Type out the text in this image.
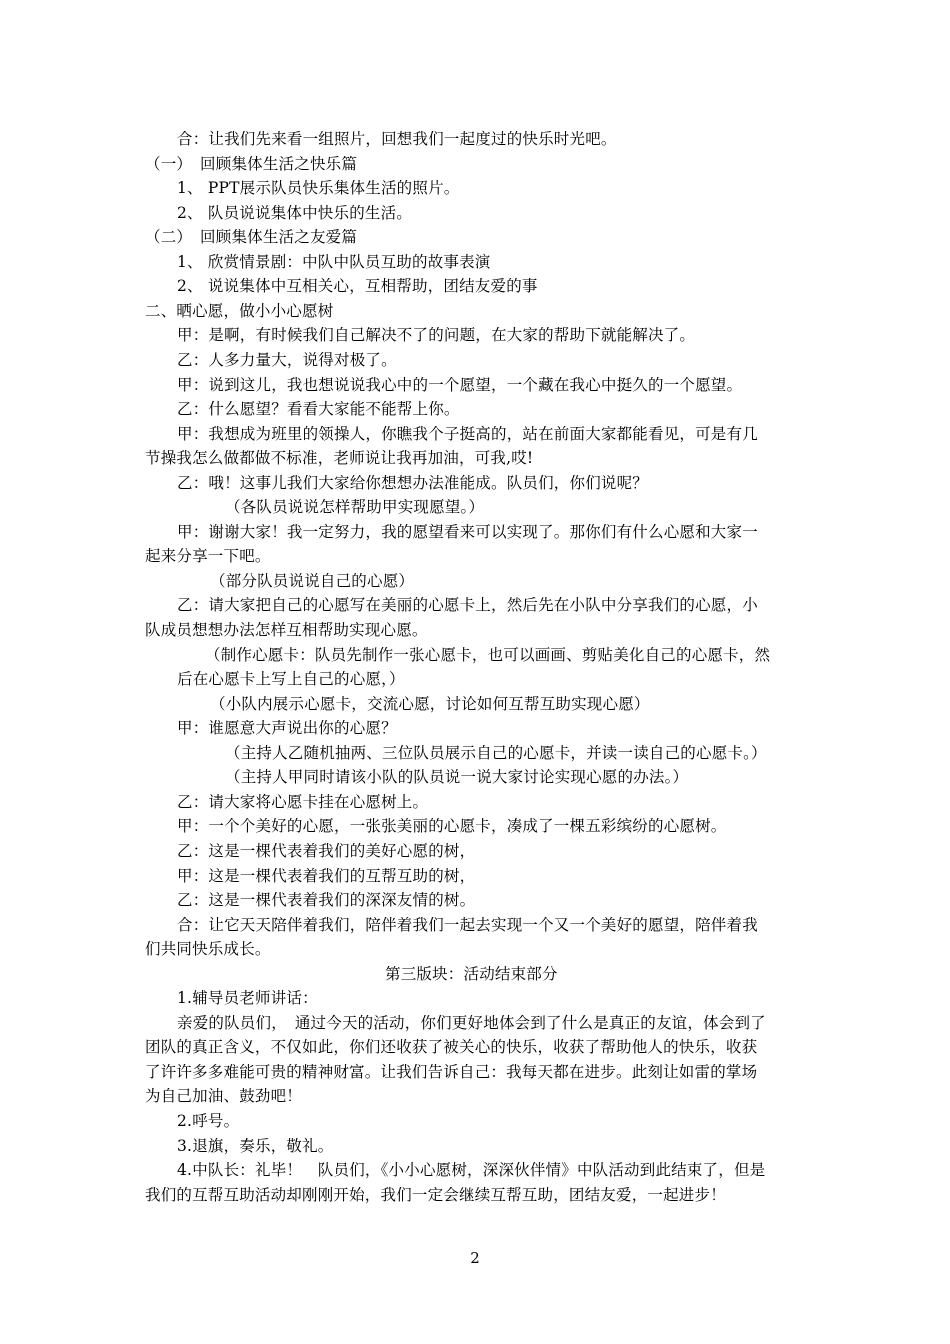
合：让我们先来看一组照片，回想我们一起度过的快乐时光吧。
（一）　回顾集体生活之快乐篇
1、 PPT展示队员快乐集体生活的照片。
2、 队员说说集体中快乐的生活。
（二）　回顾集体生活之友爱篇
1、 欣赏情景剧：中队中队员互助的故事表演
2、 说说集体中互相关心，互相帮助，团结友爱的事
二、晒心愿，做小小心愿树
甲：是啊，有时候我们自己解决不了的问题，在大家的帮助下就能解决了。
乙：人多力量大，说得对极了。
甲：说到这儿，我也想说说我心中的一个愿望，一个藏在我心中挺久的一个愿望。
乙：什么愿望？看看大家能不能帮上你。
甲：我想成为班里的领操人，你瞧我个子挺高的，站在前面大家都能看见，可是有几
节操我怎么做都做不标准，老师说让我再加油，可我,哎!
乙：哦！这事儿我们大家给你想想办法准能成。队员们，你们说呢？
（各队员说说怎样帮助甲实现愿望。）
甲：谢谢大家！我一定努力，我的愿望看来可以实现了。那你们有什么心愿和大家一
起来分享一下吧。
（部分队员说说自己的心愿）
乙：请大家把自己的心愿写在美丽的心愿卡上，然后先在小队中分享我们的心愿，小
队成员想想办法怎样互相帮助实现心愿。
（制作心愿卡：队员先制作一张心愿卡，也可以画画、剪贴美化自己的心愿卡，然
后在心愿卡上写上自己的心愿，）
（小队内展示心愿卡，交流心愿，讨论如何互帮互助实现心愿）
甲：谁愿意大声说出你的心愿？
（主持人乙随机抽两、三位队员展示自己的心愿卡，并读一读自己的心愿卡。）
（主持人甲同时请该小队的队员说一说大家讨论实现心愿的办法。）
乙：请大家将心愿卡挂在心愿树上。
甲：一个个美好的心愿，一张张美丽的心愿卡，凑成了一棵五彩缤纷的心愿树。
乙：这是一棵代表着我们的美好心愿的树，
甲：这是一棵代表着我们的互帮互助的树，
乙：这是一棵代表着我们的深深友情的树。
合：让它天天陪伴着我们，陪伴着我们一起去实现一个又一个美好的愿望，陪伴着我
们共同快乐成长。
第三版块：活动结束部分
1.辅导员老师讲话：
亲爱的队员们，　通过今天的活动，你们更好地体会到了什么是真正的友谊，体会到了
团队的真正含义，不仅如此，你们还收获了被关心的快乐，收获了帮助他人的快乐，收获
了许许多多难能可贵的精神财富。让我们告诉自己：我每天都在进步。此刻让如雷的掌场
为自己加油、鼓劲吧！
2.呼号。
3.退旗，奏乐，敬礼。
4.中队长：礼毕！　队员们，《小小心愿树，深深伙伴情》中队活动到此结束了，但是
我们的互帮互助活动却刚刚开始，我们一定会继续互帮互助，团结友爱，一起进步！
2
